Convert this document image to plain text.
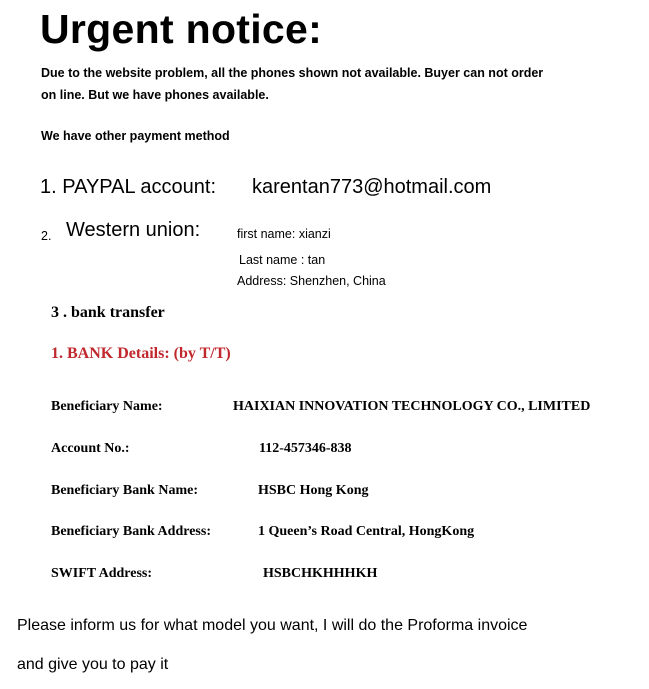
Urgent notice:
Due to the website problem, all the phones shown not available. Buyer can not order
on line. But we have phones available.
We have other payment method
1. PAYPAL account: karentan773@hotmail.com
2. Western union:	first name: xianzi
Last name : tan
Address: Shenzhen, China
3 . bank transfer
1. BANK Details: (by T/T)
Beneficiary Name:	HAIXIAN INNOVATION TECHNOLOGY CO., LIMITED
Account No.:	112-457346-838
Beneficiary Bank Name:	HSBC Hong Kong
Beneficiary Bank Address:	1 Queen’s Road Central, HongKong
SWIFT Address:	HSBCHKHHHKH
Please inform us for what model you want, I will do the Proforma invoice
and give you to pay it
